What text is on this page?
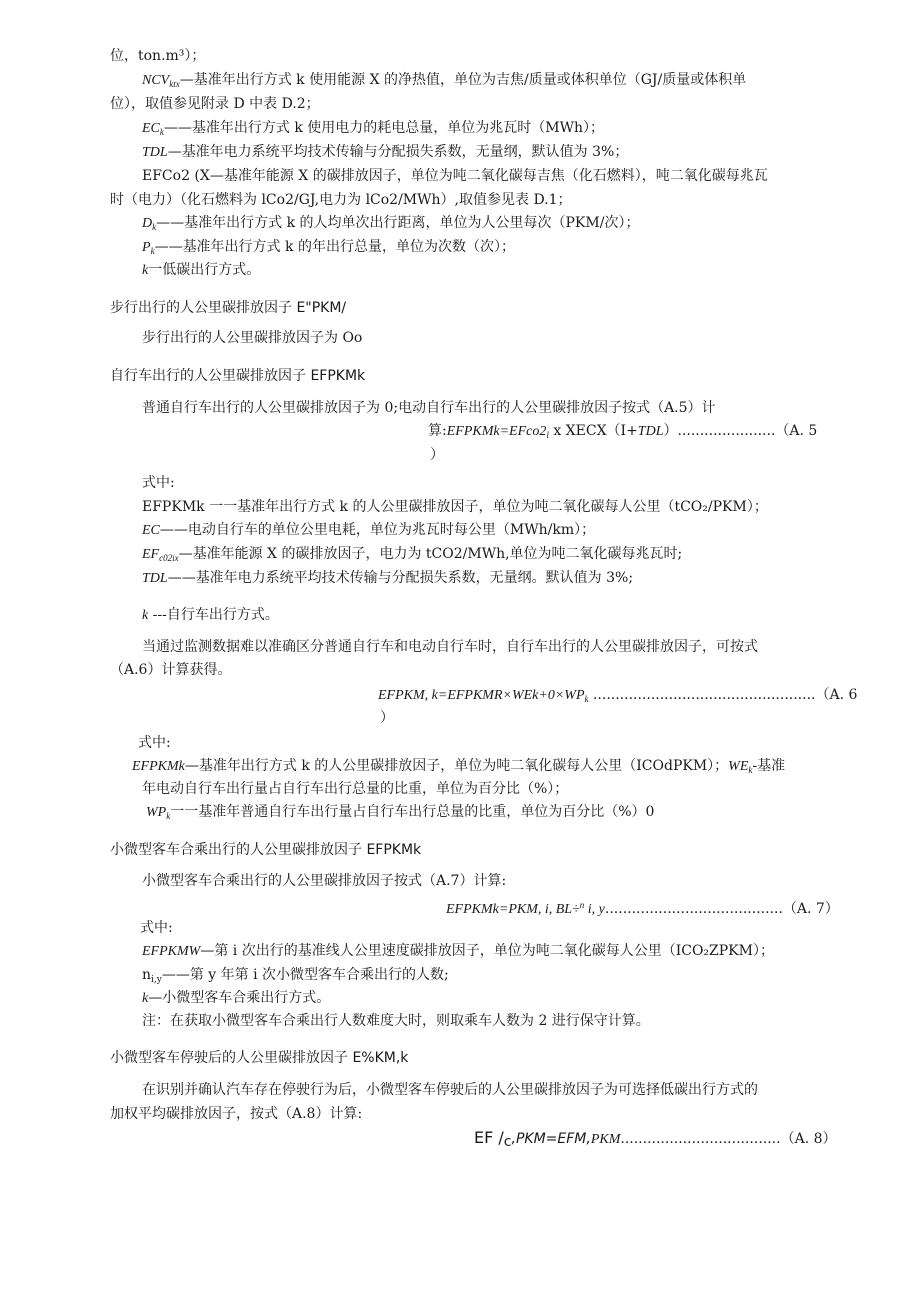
位，ton.m³）；
$NCV_{ktx}—$基准年出行方式 k 使用能源 X 的净热值，单位为吉焦/质量或体积单位（GJ/质量或体积单
位），取值参见附录 D 中表 D.2；
$EC_k——$基准年出行方式 k 使用电力的耗电总量，单位为兆瓦时（MWh）；
TDL—基准年电力系统平均技术传输与分配损失系数，无量纲，默认值为 3%；
EFCo2 (X—基准年能源 X 的碳排放因子，单位为吨二氧化碳每吉焦（化石燃料），吨二氧化碳每兆瓦
时（电力）（化石燃料为 lCo2/GJ,电力为 lCo2/MWh）,取值参见表 D.1；
$D_k——$基准年出行方式 k 的人均单次出行距离，单位为人公里每次（PKM/次）；
$P_k——$基准年出行方式 k 的年出行总量，单位为次数（次）；
k一低碳出行方式。
步行出行的人公里碳排放因子 E"PKM/
步行出行的人公里碳排放因子为 Oo
自行车出行的人公里碳排放因子 EFPKMk
普通自行车出行的人公里碳排放因子为 0;电动自行车出行的人公里碳排放因子按式（A.5）计
算$:EFPKMk=EFco2_l$ x XECX（I+TDL）......................（A. 5
）
式中:
EFPKMk 一一基准年出行方式 k 的人公里碳排放因子，单位为吨二氧化碳每人公里（tCO₂/PKM）；
EC——电动自行车的单位公里电耗，单位为兆瓦时每公里（MWh/km）；
$EF_{c02ix}—$基准年能源 X 的碳排放因子，电力为 tCO2/MWh,单位为吨二氧化碳每兆瓦时;
TDL——基准年电力系统平均技术传输与分配损失系数，无量纲。默认值为 3%;
k ---自行车出行方式。
当通过监测数据难以准确区分普通自行车和电动自行车时，自行车出行的人公里碳排放因子，可按式
（A.6）计算获得。
EFPKM, $k=EFPKMR\times WEk+0\times WP_k$ ..................................................（A. 6
）
式中:
EFPKMk—基准年出行方式 k 的人公里碳排放因子，单位为吨二氧化碳每人公里（ICOdPKM）；$WE_k-$基准
年电动自行车出行量占自行车出行总量的比重，单位为百分比（%）；
$WP_k$一一基准年普通自行车出行量占自行车出行总量的比重，单位为百分比（%）0
小微型客车合乘出行的人公里碳排放因子 EFPKMk
小微型客车合乘出行的人公里碳排放因子按式（A.7）计算:
EFPKMk=PKM, i, BL÷$^n$ i, y........................................（A. 7）
式中:
EFPKMW—第 i 次出行的基准线人公里速度碳排放因子，单位为吨二氧化碳每人公里（ICO₂ZPKM）；
$n_{i,y}——$第 y 年第 i 次小微型客车合乘出行的人数;
k—小微型客车合乘出行方式。
注：在获取小微型客车合乘出行人数难度大时，则取乘车人数为 2 进行保守计算。
小微型客车停驶后的人公里碳排放因子 E%KM,k
在识别并确认汽车存在停驶行为后，小微型客车停驶后的人公里碳排放因子为可选择低碳出行方式的
加权平均碳排放因子，按式（A.8）计算:
EF $/_c,PKM=EFM,PKM....................................(A$. 8）
